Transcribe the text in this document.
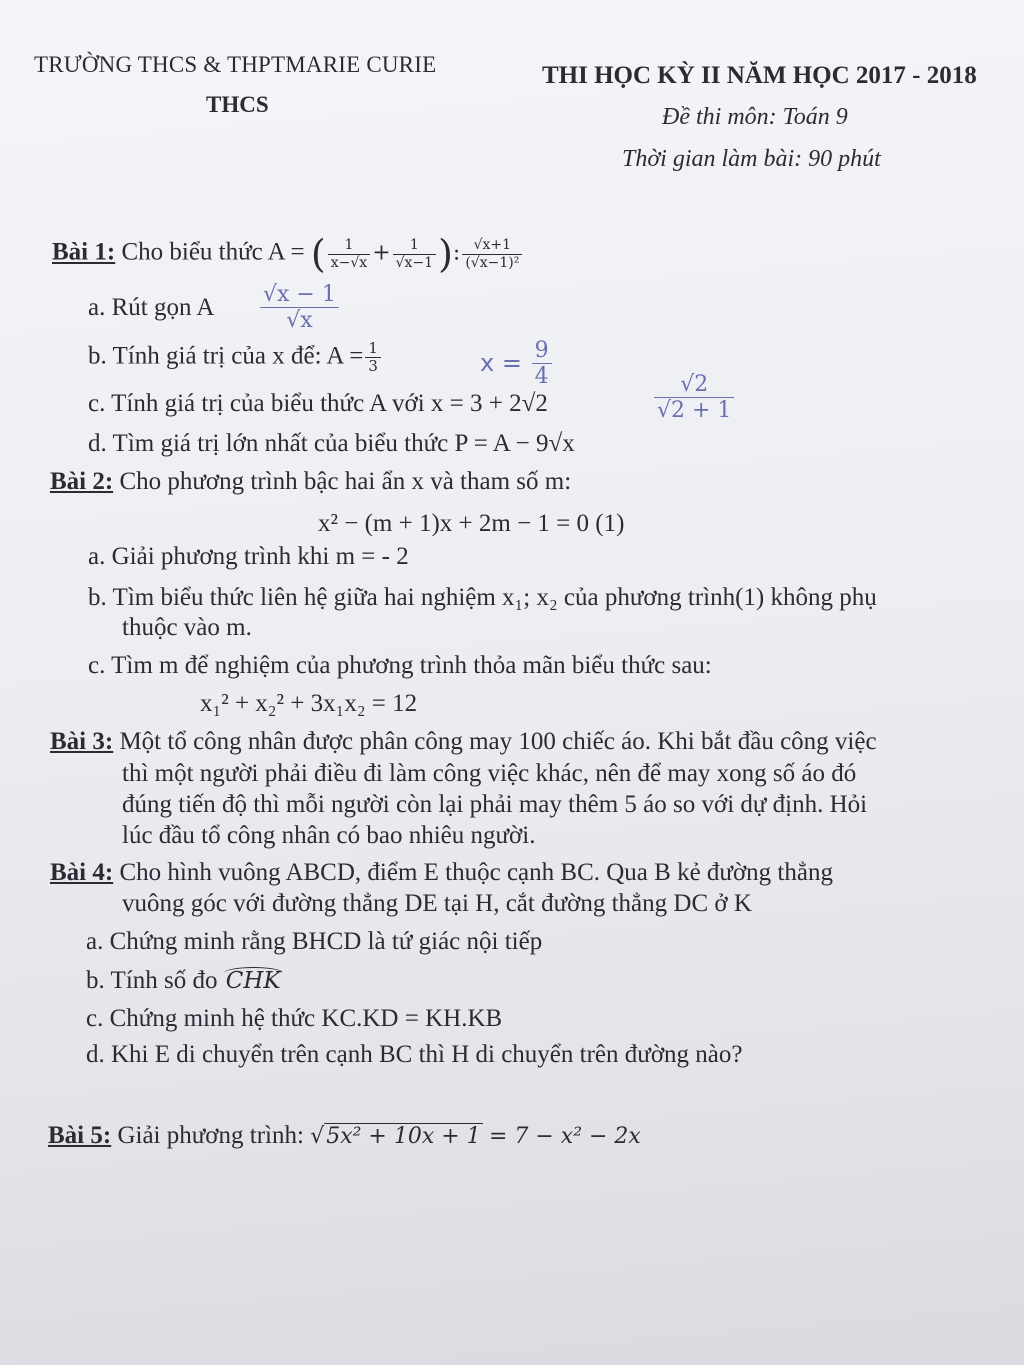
TRƯỜNG THCS & THPTMARIE CURIE
THCS
THI HỌC KỲ II NĂM HỌC 2017 - 2018
Đề thi môn: Toán 9
Thời gian làm bài: 90 phút
Bài 1: Cho biểu thức A = ( $\frac{1}{x-√x} + \frac{1}{√x-1}$ ): $\frac{√x+1}{\text{(√x−1)²}}$
a. Rút gọn A $\frac{√x - 1}{√x}$
b. Tính giá trị của x để: $A = \frac{1}{3}$	$x = \frac{9}{4}$
c. Tính giá trị của biểu thức A với x = 3 + 2√2	$\frac{√2}{√2 + 1}$
d. Tìm giá trị lớn nhất của biểu thức P = A − 9√x
Bài 2: Cho phương trình bậc hai ẩn x và tham số m:
x² − (m + 1)x + 2m − 1 = 0 (1)
a. Giải phương trình khi m = - 2
b. Tìm biểu thức liên hệ giữa hai nghiệm x₁; x₂ của phương trình(1) không phụ
thuộc vào m.
c. Tìm m để nghiệm của phương trình thỏa mãn biểu thức sau:
x₁² + x₂² + 3x₁x₂ = 12
Bài 3: Một tổ công nhân được phân công may 100 chiếc áo. Khi bắt đầu công việc
thì một người phải điều đi làm công việc khác, nên để may xong số áo đó
đúng tiến độ thì mỗi người còn lại phải may thêm 5 áo so với dự định. Hỏi
lúc đầu tổ công nhân có bao nhiêu người.
Bài 4: Cho hình vuông ABCD, điểm E thuộc cạnh BC. Qua B kẻ đường thẳng
vuông góc với đường thẳng DE tại H, cắt đường thẳng DC ở K
a. Chứng minh rằng BHCD là tứ giác nội tiếp
b. Tính số đo CHK
c. Chứng minh hệ thức KC.KD = KH.KB
d. Khi E di chuyển trên cạnh BC thì H di chuyển trên đường nào?
Bài 5: Giải phương trình: √5x² + 10x + 1 = 7 − x² − 2x
